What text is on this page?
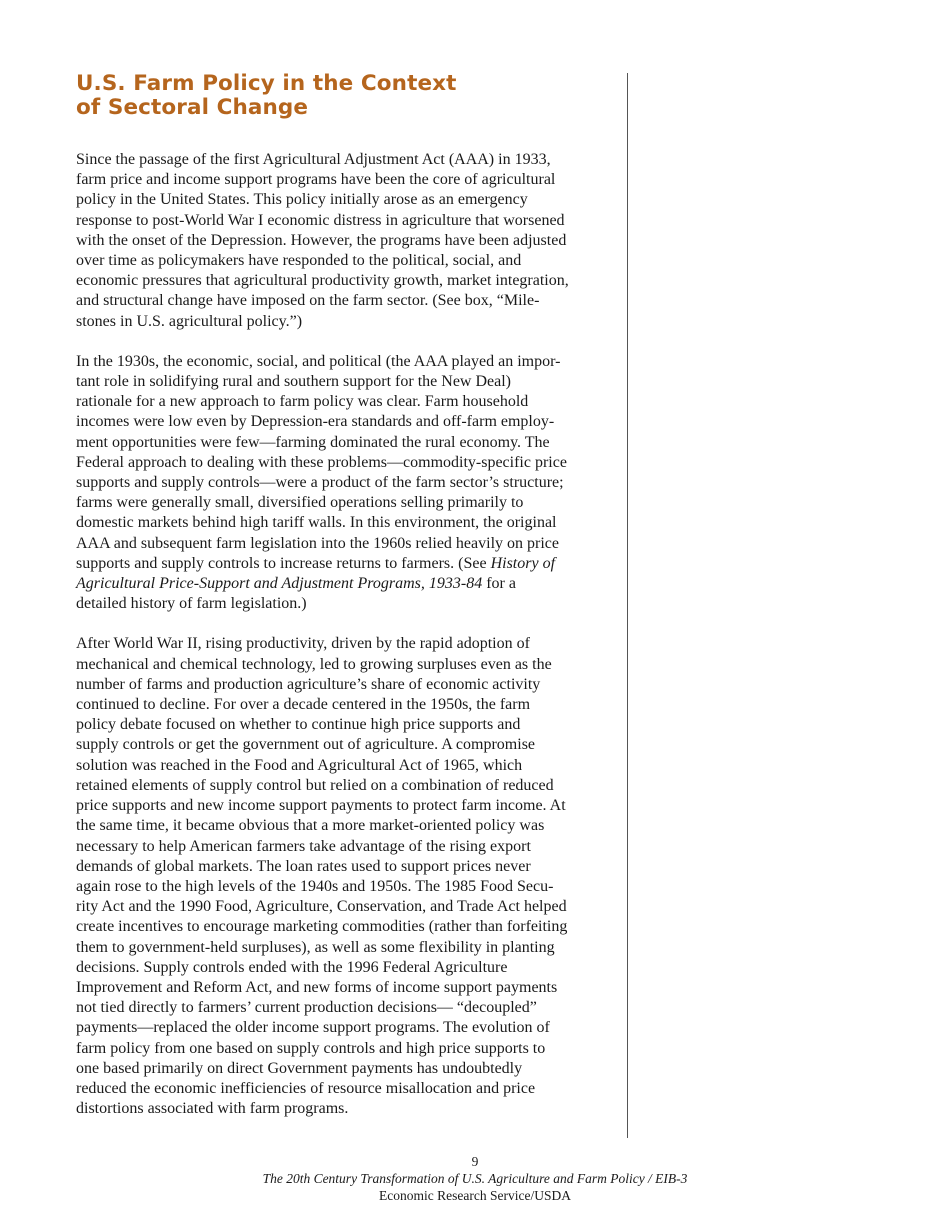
U.S. Farm Policy in the Context
of Sectoral Change

Since the passage of the first Agricultural Adjustment Act (AAA) in 1933,
farm price and income support programs have been the core of agricultural
policy in the United States. This policy initially arose as an emergency
response to post-World War I economic distress in agriculture that worsened
with the onset of the Depression. However, the programs have been adjusted
over time as policymakers have responded to the political, social, and
economic pressures that agricultural productivity growth, market integration,
and structural change have imposed on the farm sector. (See box, “Mile-
stones in U.S. agricultural policy.”)

In the 1930s, the economic, social, and political (the AAA played an impor-
tant role in solidifying rural and southern support for the New Deal)
rationale for a new approach to farm policy was clear. Farm household
incomes were low even by Depression-era standards and off-farm employ-
ment opportunities were few—farming dominated the rural economy. The
Federal approach to dealing with these problems—commodity-specific price
supports and supply controls—were a product of the farm sector’s structure;
farms were generally small, diversified operations selling primarily to
domestic markets behind high tariff walls. In this environment, the original
AAA and subsequent farm legislation into the 1960s relied heavily on price
supports and supply controls to increase returns to farmers. (See History of
Agricultural Price-Support and Adjustment Programs, 1933-84 for a
detailed history of farm legislation.)

After World War II, rising productivity, driven by the rapid adoption of
mechanical and chemical technology, led to growing surpluses even as the
number of farms and production agriculture’s share of economic activity
continued to decline. For over a decade centered in the 1950s, the farm
policy debate focused on whether to continue high price supports and
supply controls or get the government out of agriculture. A compromise
solution was reached in the Food and Agricultural Act of 1965, which
retained elements of supply control but relied on a combination of reduced
price supports and new income support payments to protect farm income. At
the same time, it became obvious that a more market-oriented policy was
necessary to help American farmers take advantage of the rising export
demands of global markets. The loan rates used to support prices never
again rose to the high levels of the 1940s and 1950s. The 1985 Food Secu-
rity Act and the 1990 Food, Agriculture, Conservation, and Trade Act helped
create incentives to encourage marketing commodities (rather than forfeiting
them to government-held surpluses), as well as some flexibility in planting
decisions. Supply controls ended with the 1996 Federal Agriculture
Improvement and Reform Act, and new forms of income support payments
not tied directly to farmers’ current production decisions— “decoupled”
payments—replaced the older income support programs. The evolution of
farm policy from one based on supply controls and high price supports to
one based primarily on direct Government payments has undoubtedly
reduced the economic inefficiencies of resource misallocation and price
distortions associated with farm programs.

9
The 20th Century Transformation of U.S. Agriculture and Farm Policy / EIB-3
Economic Research Service/USDA
